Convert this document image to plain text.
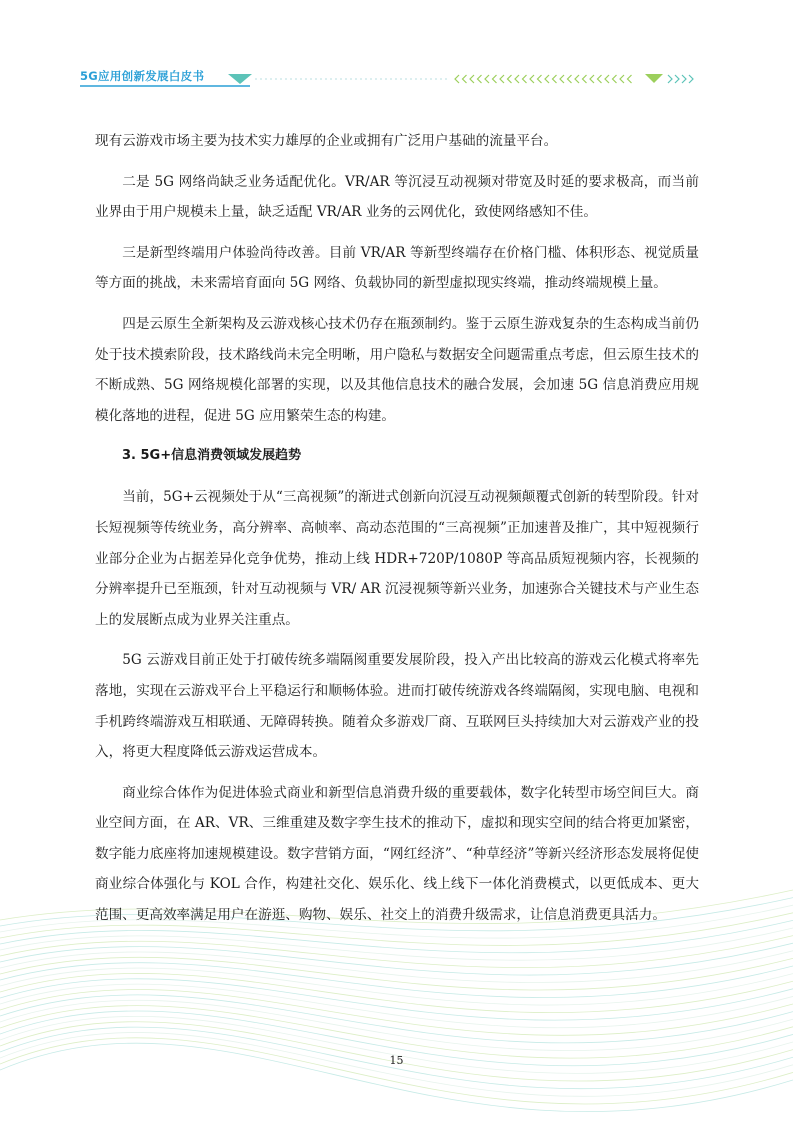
5G应用创新发展白皮书

现有云游戏市场主要为技术实力雄厚的企业或拥有广泛用户基础的流量平台。

二是 5G 网络尚缺乏业务适配优化。VR/AR 等沉浸互动视频对带宽及时延的要求极高，而当前业界由于用户规模未上量，缺乏适配 VR/AR 业务的云网优化，致使网络感知不佳。

三是新型终端用户体验尚待改善。目前 VR/AR 等新型终端存在价格门槛、体积形态、视觉质量等方面的挑战，未来需培育面向 5G 网络、负载协同的新型虚拟现实终端，推动终端规模上量。

四是云原生全新架构及云游戏核心技术仍存在瓶颈制约。鉴于云原生游戏复杂的生态构成当前仍处于技术摸索阶段，技术路线尚未完全明晰，用户隐私与数据安全问题需重点考虑，但云原生技术的不断成熟、5G 网络规模化部署的实现，以及其他信息技术的融合发展，会加速 5G 信息消费应用规模化落地的进程，促进 5G 应用繁荣生态的构建。

3. 5G+信息消费领域发展趋势

当前，5G+云视频处于从“三高视频”的渐进式创新向沉浸互动视频颠覆式创新的转型阶段。针对长短视频等传统业务，高分辨率、高帧率、高动态范围的“三高视频”正加速普及推广，其中短视频行业部分企业为占据差异化竞争优势，推动上线 HDR+720P/1080P 等高品质短视频内容，长视频的分辨率提升已至瓶颈，针对互动视频与 VR/ AR 沉浸视频等新兴业务，加速弥合关键技术与产业生态上的发展断点成为业界关注重点。

5G 云游戏目前正处于打破传统多端隔阂重要发展阶段，投入产出比较高的游戏云化模式将率先落地，实现在云游戏平台上平稳运行和顺畅体验。进而打破传统游戏各终端隔阂，实现电脑、电视和手机跨终端游戏互相联通、无障碍转换。随着众多游戏厂商、互联网巨头持续加大对云游戏产业的投入，将更大程度降低云游戏运营成本。

商业综合体作为促进体验式商业和新型信息消费升级的重要载体，数字化转型市场空间巨大。商业空间方面，在 AR、VR、三维重建及数字孪生技术的推动下，虚拟和现实空间的结合将更加紧密，数字能力底座将加速规模建设。数字营销方面，“网红经济”、“种草经济”等新兴经济形态发展将促使商业综合体强化与 KOL 合作，构建社交化、娱乐化、线上线下一体化消费模式，以更低成本、更大范围、更高效率满足用户在游逛、购物、娱乐、社交上的消费升级需求，让信息消费更具活力。

15
